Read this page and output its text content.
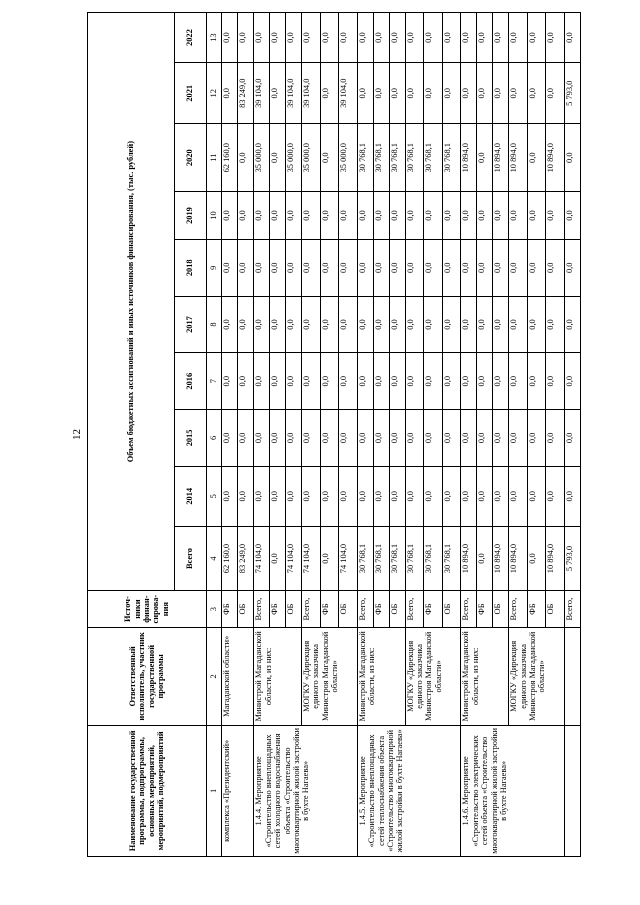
12
Наименование государственной программы, подпрограммы, основных мероприятий, мероприятий, подмероприятий	Ответственный исполнитель, участник государственной программы	Источ-ники финан-сирова-ния	Объем бюджетных ассигнований и иных источников финансирования, (тыс. рублей)									
			Всего	2014	2015	2016	2017	2018	2019	2020	2021	2022
1	2	3	4	5	6	7	8	9	10	11	12	13
комплекса «Президентский»	Магаданской области»	ФБ	62 160,0	0,0	0,0	0,0	0,0	0,0	0,0	62 160,0	0,0	0,0
		ОБ	83 249,0	0,0	0,0	0,0	0,0	0,0	0,0	0,0	83 249,0	0,0
1.4.4. Мероприятие «Строительство внеплощадных сетей холодного водоснабжения объекта «Строительство многоквартирной жилой застройки в бухте Нагаева»	Министрой Магаданской области, из них:	Всего,	74 104,0	0,0	0,0	0,0	0,0	0,0	0,0	35 000,0	39 104,0	0,0
		ФБ	0,0	0,0	0,0	0,0	0,0	0,0	0,0	0,0	0,0	0,0
		ОБ	74 104,0	0,0	0,0	0,0	0,0	0,0	0,0	35 000,0	39 104,0	0,0
	МОГКУ «Дирекция единого заказчика Министроя Магаданской области»	Всего,	74 104,0	0,0	0,0	0,0	0,0	0,0	0,0	35 000,0	39 104,0	0,0
		ФБ	0,0	0,0	0,0	0,0	0,0	0,0	0,0	0,0	0,0	0,0
		ОБ	74 104,0	0,0	0,0	0,0	0,0	0,0	0,0	35 000,0	39 104,0	0,0
1.4.5. Мероприятие «Строительство внеплощадных сетей теплоснабжения объекта «Строительство многоквартирной жилой застройки в бухте Нагаева»	Министрой Магаданской области, из них:	Всего,	30 768,1	0,0	0,0	0,0	0,0	0,0	0,0	30 768,1	0,0	0,0
		ФБ	30 768,1	0,0	0,0	0,0	0,0	0,0	0,0	30 768,1	0,0	0,0
		ОБ	30 768,1	0,0	0,0	0,0	0,0	0,0	0,0	30 768,1	0,0	0,0
	МОГКУ «Дирекция единого заказчика Министроя Магаданской области»	Всего,	30 768,1	0,0	0,0	0,0	0,0	0,0	0,0	30 768,1	0,0	0,0
		ФБ	30 768,1	0,0	0,0	0,0	0,0	0,0	0,0	30 768,1	0,0	0,0
		ОБ	30 768,1	0,0	0,0	0,0	0,0	0,0	0,0	30 768,1	0,0	0,0
1.4.6. Мероприятие «Строительство электрических сетей объекта «Строительство многоквартирной жилой застройки в бухте Нагаева»	Министрой Магаданской области, из них:	Всего,	10 894,0	0,0	0,0	0,0	0,0	0,0	0,0	10 894,0	0,0	0,0
		ФБ	0,0	0,0	0,0	0,0	0,0	0,0	0,0	0,0	0,0	0,0
		ОБ	10 894,0	0,0	0,0	0,0	0,0	0,0	0,0	10 894,0	0,0	0,0
	МОГКУ «Дирекция единого заказчика Министроя Магаданской области»	Всего,	10 894,0	0,0	0,0	0,0	0,0	0,0	0,0	10 894,0	0,0	0,0
		ФБ	0,0	0,0	0,0	0,0	0,0	0,0	0,0	0,0	0,0	0,0
		ОБ	10 894,0	0,0	0,0	0,0	0,0	0,0	0,0	10 894,0	0,0	0,0
		Всего,	5 793,0	0,0	0,0	0,0	0,0	0,0	0,0	0,0	5 793,0	0,0
